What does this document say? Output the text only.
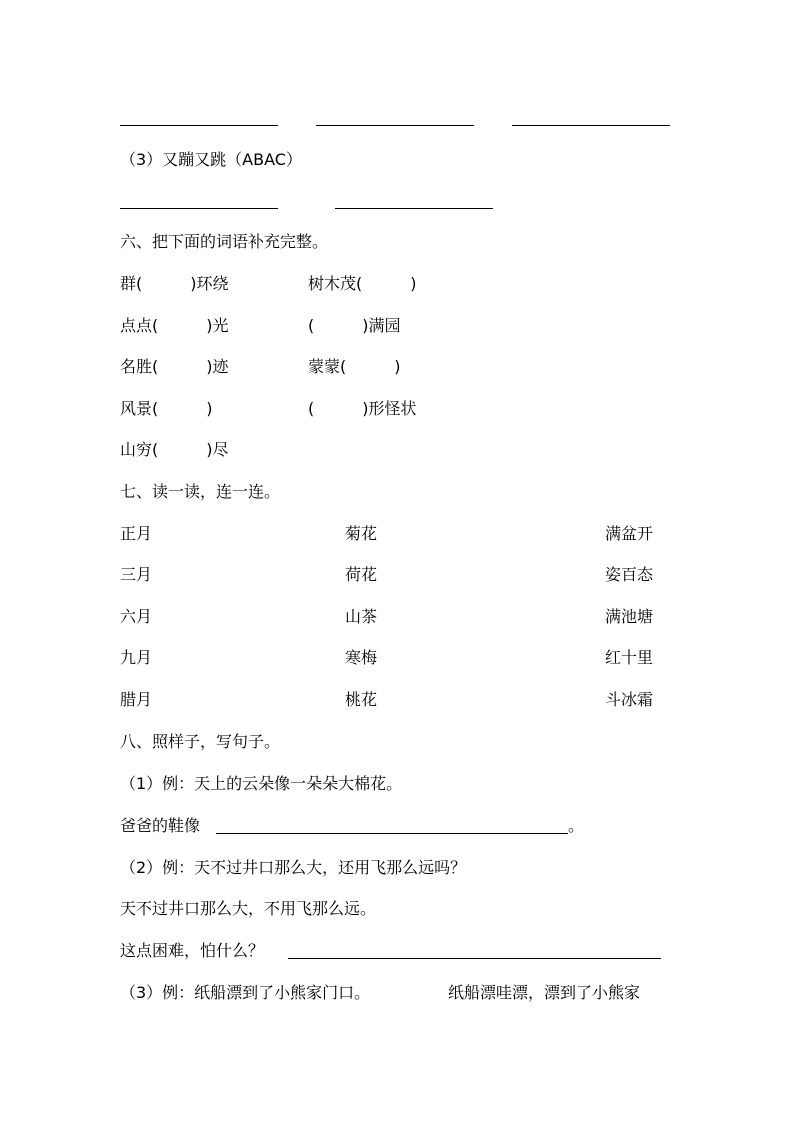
（3）又蹦又跳（ABAC）
六、把下面的词语补充完整。
群(　　　)环绕	树木茂(　　　)
点点(　　　)光	(　　　)满园
名胜(　　　)迹	蒙蒙(　　　)
风景(　　　)	(　　　)形怪状
山穷(　　　)尽
七、读一读，连一连。
正月	菊花	满盆开
三月	荷花	姿百态
六月	山茶	满池塘
九月	寒梅	红十里
腊月	桃花	斗冰霜
八、照样子，写句子。
（1）例：天上的云朵像一朵朵大棉花。
爸爸的鞋像	。
（2）例：天不过井口那么大，还用飞那么远吗？
天不过井口那么大，不用飞那么远。
这点困难，怕什么？
（3）例：纸船漂到了小熊家门口。	纸船漂哇漂，漂到了小熊家
